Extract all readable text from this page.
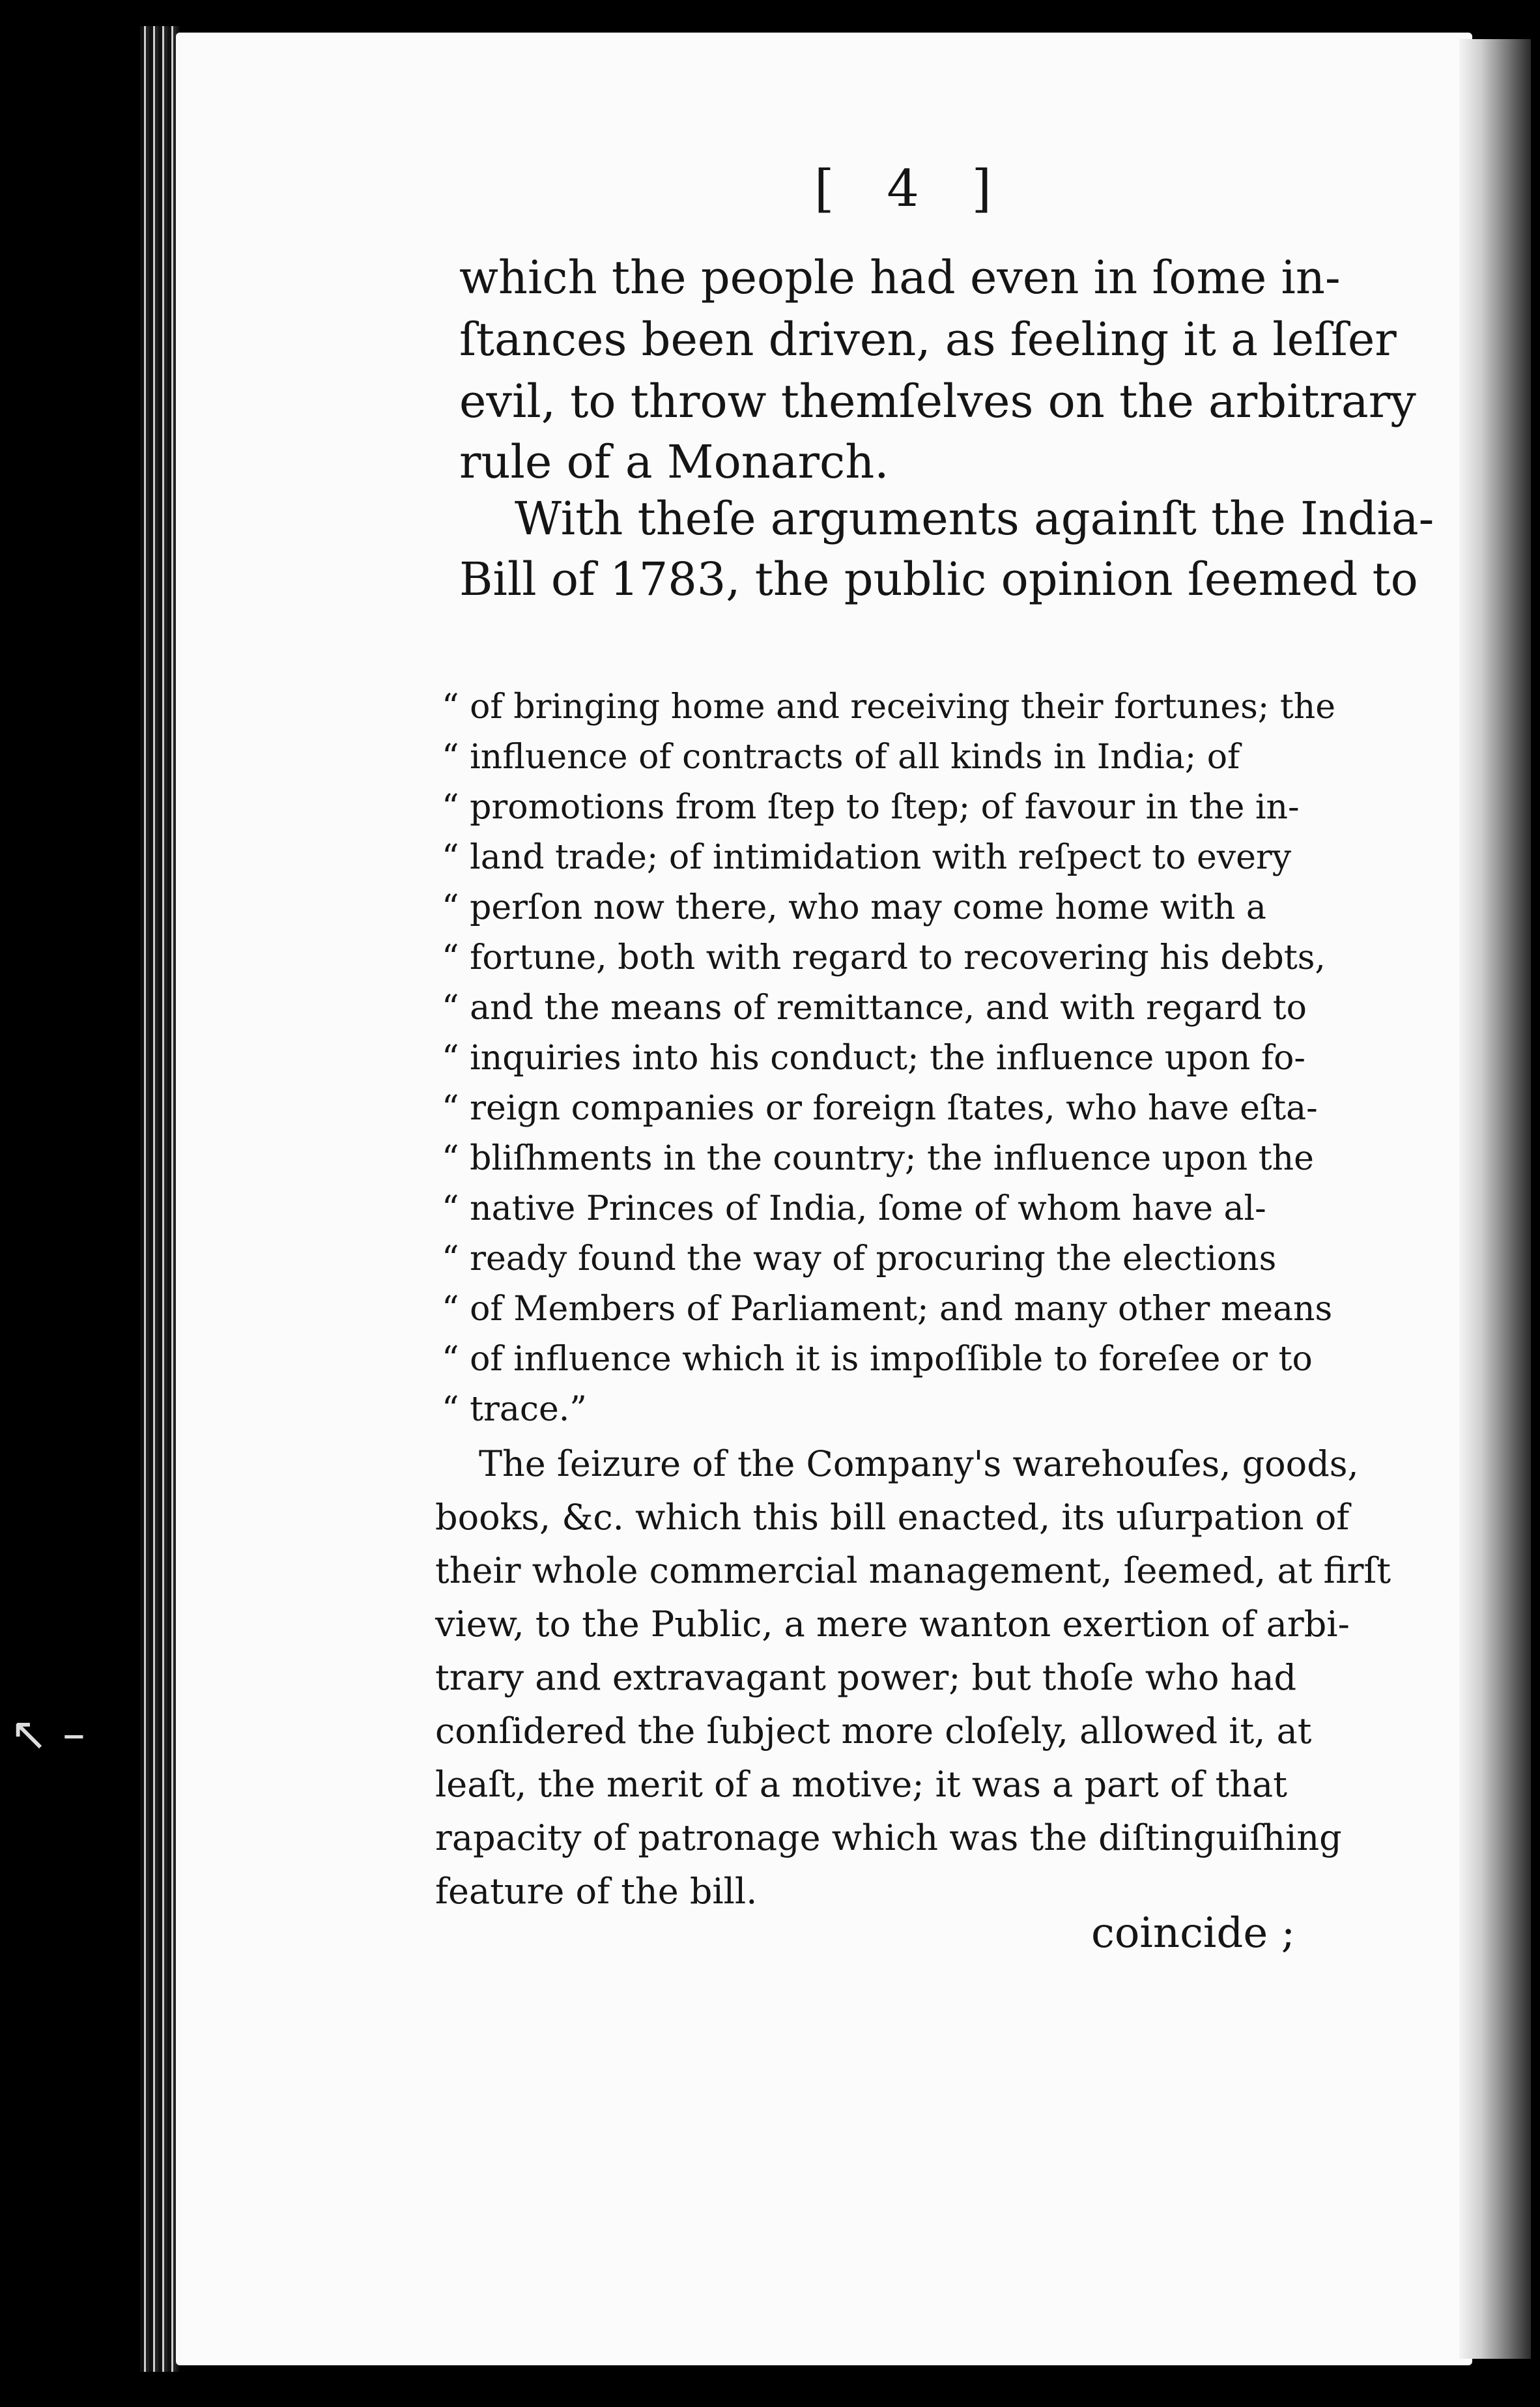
[ 4 ]
which the people had even in ſome in-
ſtances been driven, as fe⁠eling it a leſſer
evil, to throw themſelves on the arbitrary
rule of a Monarch.
With theſe arguments againſt the India-
Bill of 1783, the public opinion ſeemed to
“ of bringing home and receiving their fortunes; the
“ influence of contracts of all kinds in India; of
“ promotions from ſtep to ſtep; of favour in the in-
“ land trade; of intimidation with reſpect to every
“ perſon now there, who may come home with a
“ fortune, both with regard to recovering his debts,
“ and the means of remittance, and with regard to
“ inquiries into his conduct; the influence upon fo-
“ reign companies or foreign ſtates, who have eſta-
“ bliſhments in the country; the influence upon the
“ native Princes of India, ſome of whom have al-
“ ready found the way of procuring the elections
“ of Members of Parliament; and many other means
“ of influence which it is impoſſible to foreſee or to
“ trace.”
The ſeizure of the Company's warehouſes, goods,
books, &c. which this bill enacted, its uſurpation of
their whole commercial management, ſeemed, at firſt
view, to the Public, a mere wanton exertion of arbi-
trary and extravagant power; but thoſe who had
conſidered the ſubject more cloſely, allowed it, at
leaſt, the merit of a motive; it was a part of that
rapacity of patronage which was the diſtinguiſhing
feature of the bill.
coincide ;
↖ –
